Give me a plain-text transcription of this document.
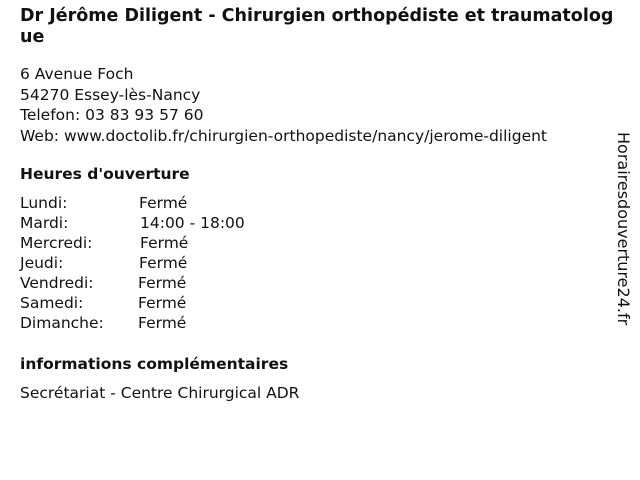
Dr Jérôme Diligent - Chirurgien orthopédiste et traumatologue
6 Avenue Foch
54270 Essey-lès-Nancy
Telefon: 03 83 93 57 60
Web: www.doctolib.fr/chirurgien-orthopediste/nancy/jerome-diligent
Heures d'ouverture
Lundi:	Fermé
Mardi:	14:00 - 18:00
Mercredi:	Fermé
Jeudi:	Fermé
Vendredi:	Fermé
Samedi:	Fermé
Dimanche:	Fermé
informations complémentaires
Secrétariat - Centre Chirurgical ADR
Horairesdouverture24.fr
